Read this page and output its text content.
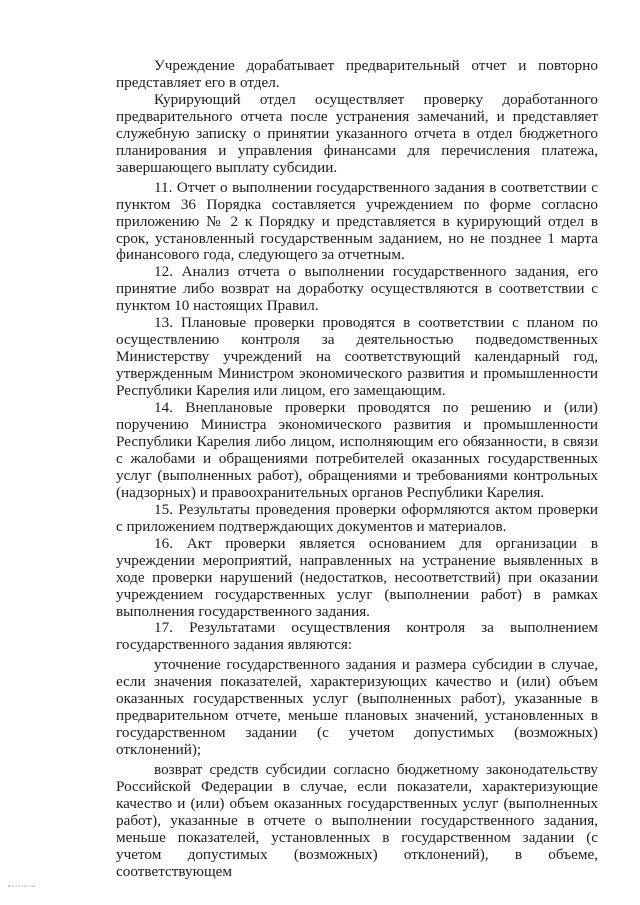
Учреждение дорабатывает предварительный отчет и повторно представляет его в отдел.

Курирующий отдел осуществляет проверку доработанного предварительного отчета после устранения замечаний, и представляет служебную записку о принятии указанного отчета в отдел бюджетного планирования и управления финансами для перечисления платежа, завершающего выплату субсидии.

11. Отчет о выполнении государственного задания в соответствии с пунктом 36 Порядка составляется учреждением по форме согласно приложению № 2 к Порядку и представляется в курирующий отдел в срок, установленный государственным заданием, но не позднее 1 марта финансового года, следующего за отчетным.

12. Анализ отчета о выполнении государственного задания, его принятие либо возврат на доработку осуществляются в соответствии с пунктом 10 настоящих Правил.

13. Плановые проверки проводятся в соответствии с планом по осуществлению контроля за деятельностью подведомственных Министерству учреждений на соответствующий календарный год, утвержденным Министром экономического развития и промышленности Республики Карелия или лицом, его замещающим.

14. Внеплановые проверки проводятся по решению и (или) поручению Министра экономического развития и промышленности Республики Карелия либо лицом, исполняющим его обязанности, в связи с жалобами и обращениями потребителей оказанных государственных услуг (выполненных работ), обращениями и требованиями контрольных (надзорных) и правоохранительных органов Республики Карелия.

15. Результаты проведения проверки оформляются актом проверки с приложением подтверждающих документов и материалов.

16. Акт проверки является основанием для организации в учреждении мероприятий, направленных на устранение выявленных в ходе проверки нарушений (недостатков, несоответствий) при оказании учреждением государственных услуг (выполнении работ) в рамках выполнения государственного задания.

17. Результатами осуществления контроля за выполнением государственного задания являются:

уточнение государственного задания и размера субсидии в случае, если значения показателей, характеризующих качество и (или) объем оказанных государственных услуг (выполненных работ), указанные в предварительном отчете, меньше плановых значений, установленных в государственном задании (с учетом допустимых (возможных) отклонений);

возврат средств субсидии согласно бюджетному законодательству Российской Федерации в случае, если показатели, характеризующие качество и (или) объем оказанных государственных услуг (выполненных работ), указанные в отчете о выполнении государственного задания, меньше показателей, установленных в государственном задании (с учетом допустимых (возможных) отклонений), в объеме, соответствующем

Rrrrrrrrrrrrr xxx
